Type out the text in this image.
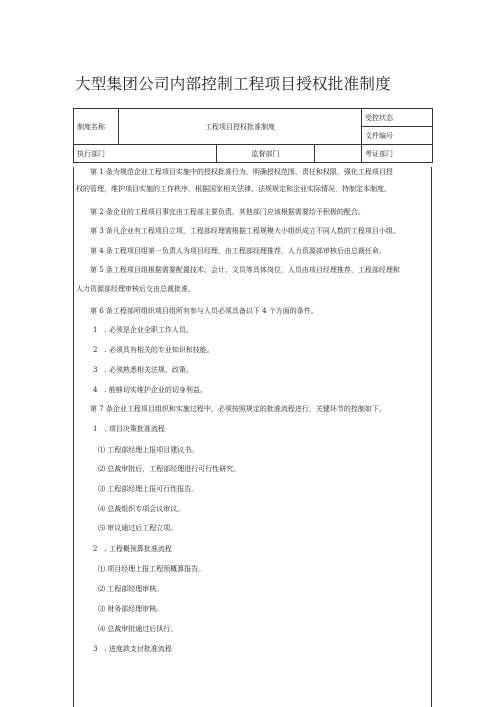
大型集团公司内部控制工程项目授权批准制度
制度名称	工程项目授权批准制度			受控状态
				文件编号
执行部门		监督部门		考证部门
第 1 条为规范企业工程项目实施中的授权批准行为，明确授权范围、责任和权限，强化工程项目授
权的管理，维护项目实施的工作秩序，根据国家相关法律、法规规定和企业实际情况，特制定本制度。
第 2 条企业的工程项目事宜由工程部主要负责，其他部门应该根据需要给予积极的配合。
第 3 条凡企业有工程项目立项，工程部经理需根据工程规模大小组织成立不同人数的工程项目小组。
第 4 条工程项目组第一负责人为项目经理，由工程部经理推荐，人力资源部审核后由总裁任命。
第 5 条工程项目组根据需要配置技术、会计、文员等具体岗位，人员由项目经理推荐，工程部经理和
人力资源部经理审核后交由总裁批准。
第 6 条工程部所组织项目组所有参与人员必须具备以下 4 个方面的条件。
1　. 必须是企业全职工作人员。
2　. 必须具有相关的专业知识和技能。
3　. 必须熟悉相关法规、政策。
4　. 能够切实维护企业的切身利益。
第 7 条企业工程项目组织和实施过程中，必须按照规定的批准流程进行，关键环节的控制如下。
1　. 项目决策批准流程
⑴ 工程部经理上报项目建议书。
⑵ 总裁审批后，工程部经理进行可行性研究。
⑶ 工程部经理上报可行性报告。
⑷ 总裁组织专项会议审议。
⑸ 审议通过后工程立项。
2　. 工程概预算批准流程
⑴ 项目经理上报工程预概算报告。
⑵ 工程部经理审核。
⑶ 财务部经理审核。
⑷ 总裁审批通过后执行。
3　. 进度款支付批准流程
